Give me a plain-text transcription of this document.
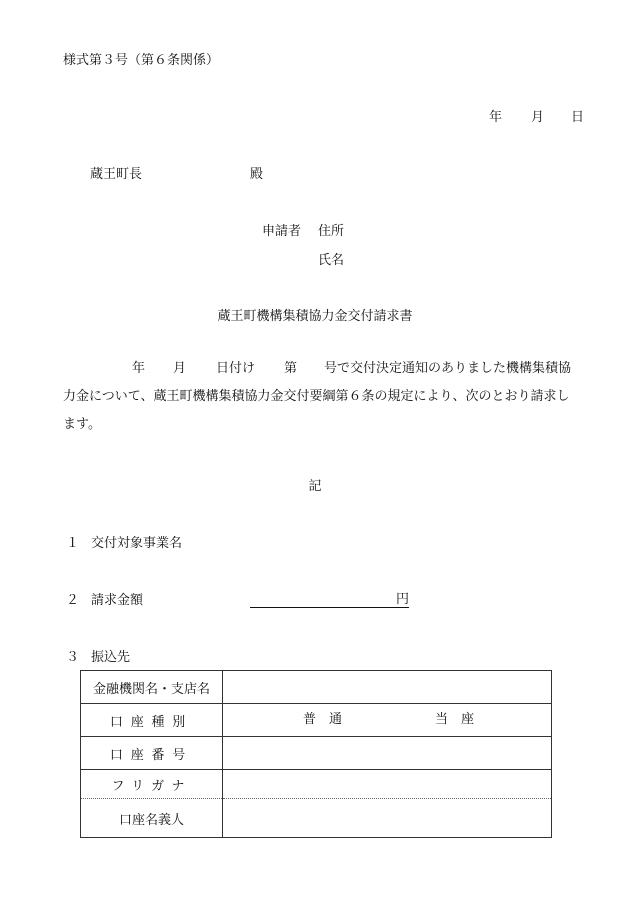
様式第３号（第６条関係）
年 月 日
蔵王町長	殿
申請者 住所
氏名
蔵王町機構集積協力金交付請求書
年 月 日付け 第 号で交付決定通知のありました機構集積協
力金について、蔵王町機構集積協力金交付要綱第６条の規定により、次のとおり請求し
ます。
記
１ 交付対象事業名
２ 請求金額	円
３ 振込先
金融機関名・支店名	
口座種別	普　通 当　座

口座番号	
フリガナ	
口座名義人	
